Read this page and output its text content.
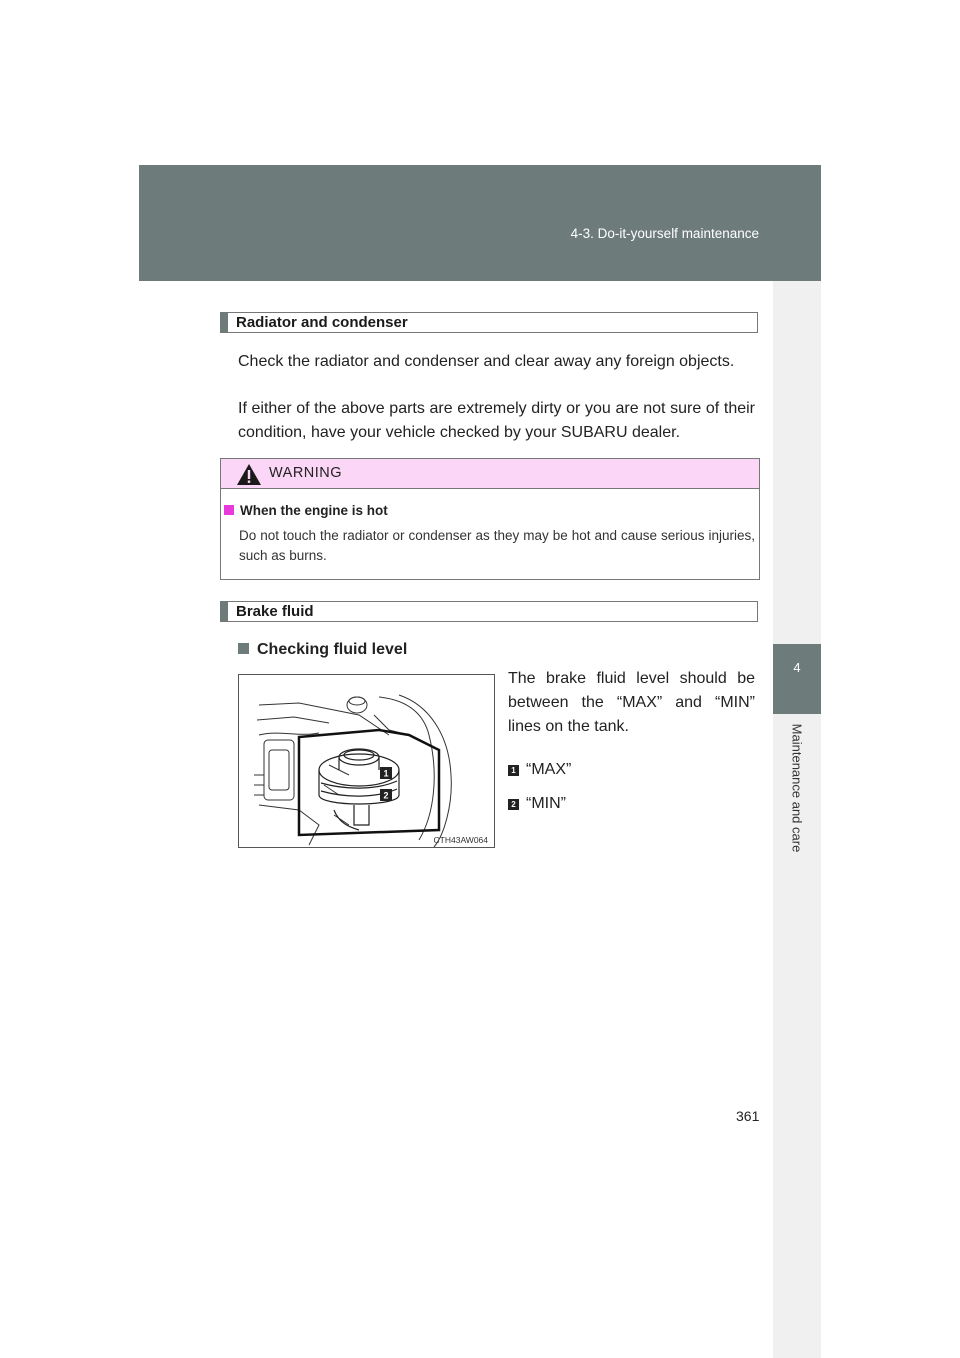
4-3. Do-it-yourself maintenance
4
Maintenance and care
Radiator and condenser
Check the radiator and condenser and clear away any foreign objects.
If either of the above parts are extremely dirty or you are not sure of their condition, have your vehicle checked by your SUBARU dealer.
WARNING
When the engine is hot
Do not touch the radiator or condenser as they may be hot and cause serious injuries, such as burns.
Brake fluid
Checking fluid level
1
2
CTH43AW064
The brake fluid level should be between the “MAX” and “MIN” lines on the tank.
1 “MAX”
2 “MIN”
361
